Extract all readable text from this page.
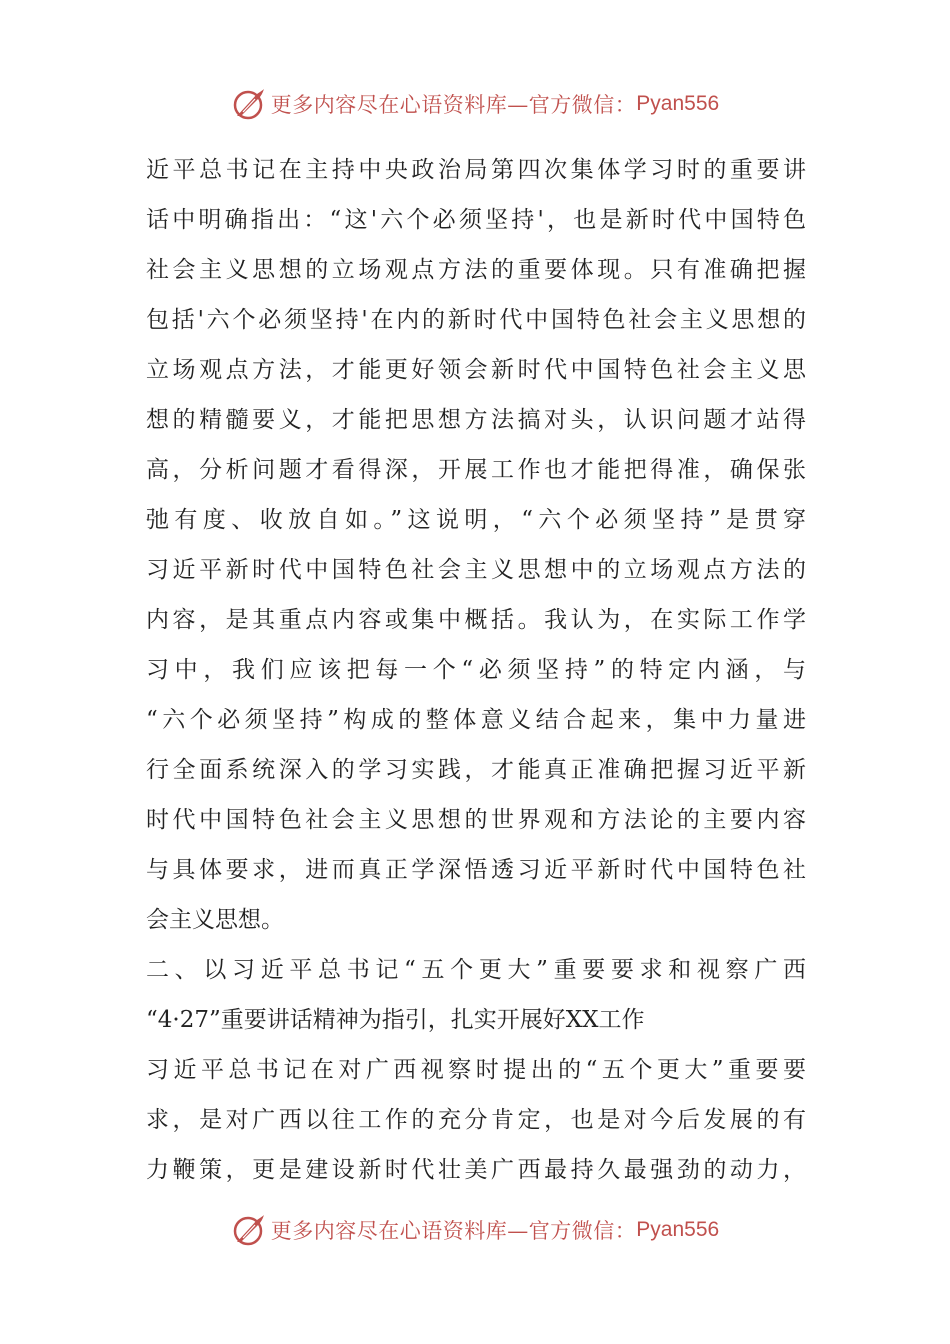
更多内容尽在心语资料库—官方微信： Pyan556
近平总书记在主持中央政治局第四次集体学习时的重要讲
话中明确指出：“这'六个必须坚持'，也是新时代中国特色
社会主义思想的立场观点方法的重要体现。只有准确把握
包括'六个必须坚持'在内的新时代中国特色社会主义思想的
立场观点方法，才能更好领会新时代中国特色社会主义思
想的精髓要义，才能把思想方法搞对头，认识问题才站得
高，分析问题才看得深，开展工作也才能把得准，确保张
弛有度、收放自如。”这说明，“六个必须坚持”是贯穿
习近平新时代中国特色社会主义思想中的立场观点方法的
内容，是其重点内容或集中概括。我认为，在实际工作学
习中，我们应该把每一个“必须坚持”的特定内涵，与
“六个必须坚持”构成的整体意义结合起来，集中力量进
行全面系统深入的学习实践，才能真正准确把握习近平新
时代中国特色社会主义思想的世界观和方法论的主要内容
与具体要求，进而真正学深悟透习近平新时代中国特色社
会主义思想。
二、以习近平总书记“五个更大”重要要求和视察广西
“4·27”重要讲话精神为指引，扎实开展好XX工作
习近平总书记在对广西视察时提出的“五个更大”重要要
求，是对广西以往工作的充分肯定，也是对今后发展的有
力鞭策，更是建设新时代壮美广西最持久最强劲的动力，
更多内容尽在心语资料库—官方微信： Pyan556
